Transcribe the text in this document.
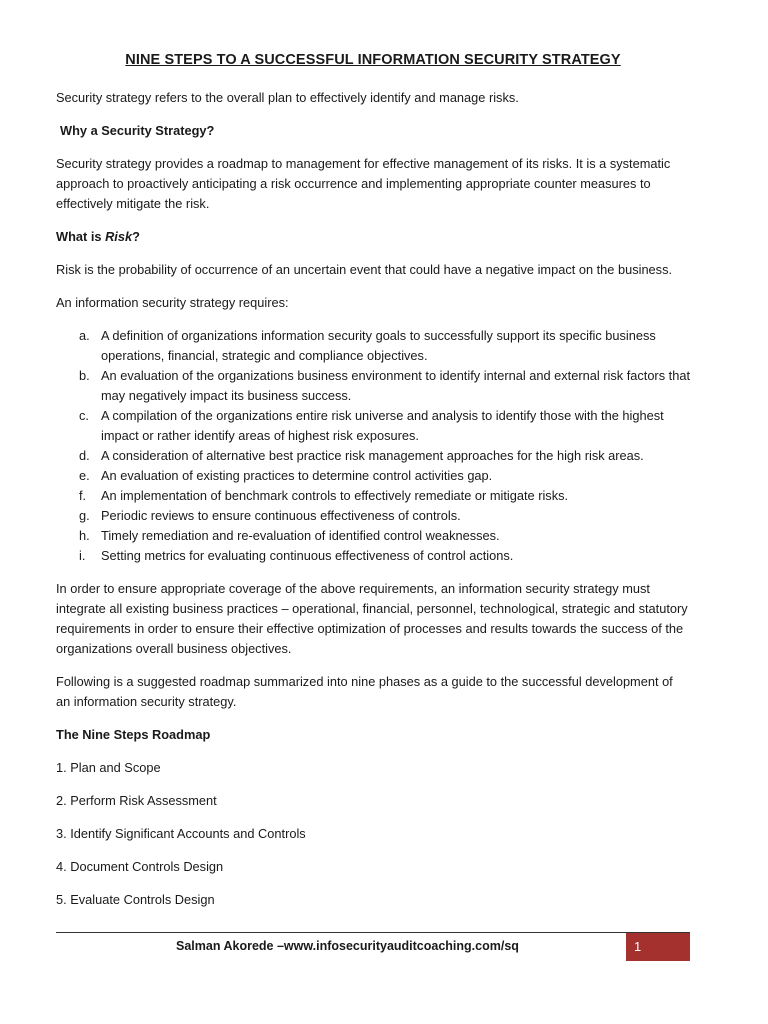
NINE STEPS TO A SUCCESSFUL INFORMATION SECURITY STRATEGY

Security strategy refers to the overall plan to effectively identify and manage risks.

Why a Security Strategy?

Security strategy provides a roadmap to management for effective management of its risks. It is a systematic approach to proactively anticipating a risk occurrence and implementing appropriate counter measures to effectively mitigate the risk.

What is Risk?

Risk is the probability of occurrence of an uncertain event that could have a negative impact on the business.

An information security strategy requires:

a. A definition of organizations information security goals to successfully support its specific business operations, financial, strategic and compliance objectives.
b. An evaluation of the organizations business environment to identify internal and external risk factors that may negatively impact its business success.
c. A compilation of the organizations entire risk universe and analysis to identify those with the highest impact or rather identify areas of highest risk exposures.
d. A consideration of alternative best practice risk management approaches for the high risk areas.
e. An evaluation of existing practices to determine control activities gap.
f.	An implementation of benchmark controls to effectively remediate or mitigate risks.
g. Periodic reviews to ensure continuous effectiveness of controls.
h. Timely remediation and re-evaluation of identified control weaknesses.
i.	Setting metrics for evaluating continuous effectiveness of control actions.

In order to ensure appropriate coverage of the above requirements, an information security strategy must integrate all existing business practices – operational, financial, personnel, technological, strategic and statutory requirements in order to ensure their effective optimization of processes and results towards the success of the organizations overall business objectives.

Following is a suggested roadmap summarized into nine phases as a guide to the successful development of an information security strategy.

The Nine Steps Roadmap

1. Plan and Scope

2. Perform Risk Assessment

3. Identify Significant Accounts and Controls

4. Document Controls Design

5. Evaluate Controls Design

Salman Akorede –www.infosecurityauditcoaching.com/sq	1
